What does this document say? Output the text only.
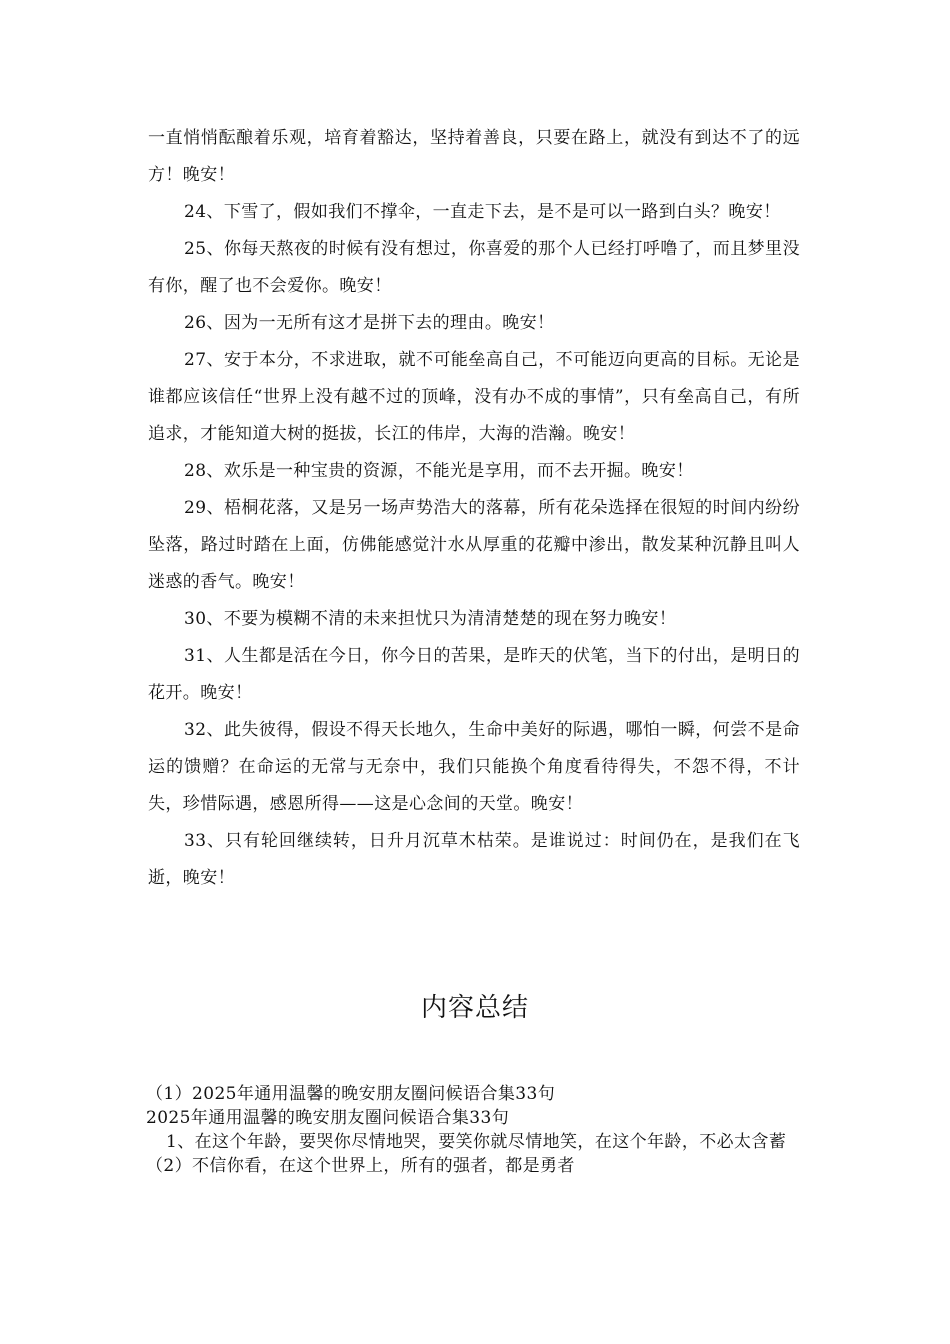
一直悄悄酝酿着乐观，培育着豁达，坚持着善良，只要在路上，就没有到达不了的远方！晚安！

24、下雪了，假如我们不撑伞，一直走下去，是不是可以一路到白头？晚安！

25、你每天熬夜的时候有没有想过，你喜爱的那个人已经打呼噜了，而且梦里没有你，醒了也不会爱你。晚安！

26、因为一无所有这才是拼下去的理由。晚安！

27、安于本分，不求进取，就不可能垒高自己，不可能迈向更高的目标。无论是谁都应该信任“世界上没有越不过的顶峰，没有办不成的事情”，只有垒高自己，有所追求，才能知道大树的挺拔，长江的伟岸，大海的浩瀚。晚安！

28、欢乐是一种宝贵的资源，不能光是享用，而不去开掘。晚安！

29、梧桐花落，又是另一场声势浩大的落幕，所有花朵选择在很短的时间内纷纷坠落，路过时踏在上面，仿佛能感觉汁水从厚重的花瓣中渗出，散发某种沉静且叫人迷惑的香气。晚安！

30、不要为模糊不清的未来担忧只为清清楚楚的现在努力晚安！

31、人生都是活在今日，你今日的苦果，是昨天的伏笔，当下的付出，是明日的花开。晚安！

32、此失彼得，假设不得天长地久，生命中美好的际遇，哪怕一瞬，何尝不是命运的馈赠？在命运的无常与无奈中，我们只能换个角度看待得失，不怨不得，不计失，珍惜际遇，感恩所得——这是心念间的天堂。晚安！

33、只有轮回继续转，日升月沉草木枯荣。是谁说过：时间仍在，是我们在飞逝，晚安！

内容总结

（1）2025年通用温馨的晚安朋友圈问候语合集33句

2025年通用温馨的晚安朋友圈问候语合集33句

1、在这个年龄，要哭你尽情地哭，要笑你就尽情地笑，在这个年龄，不必太含蓄

（2）不信你看，在这个世界上，所有的强者，都是勇者
